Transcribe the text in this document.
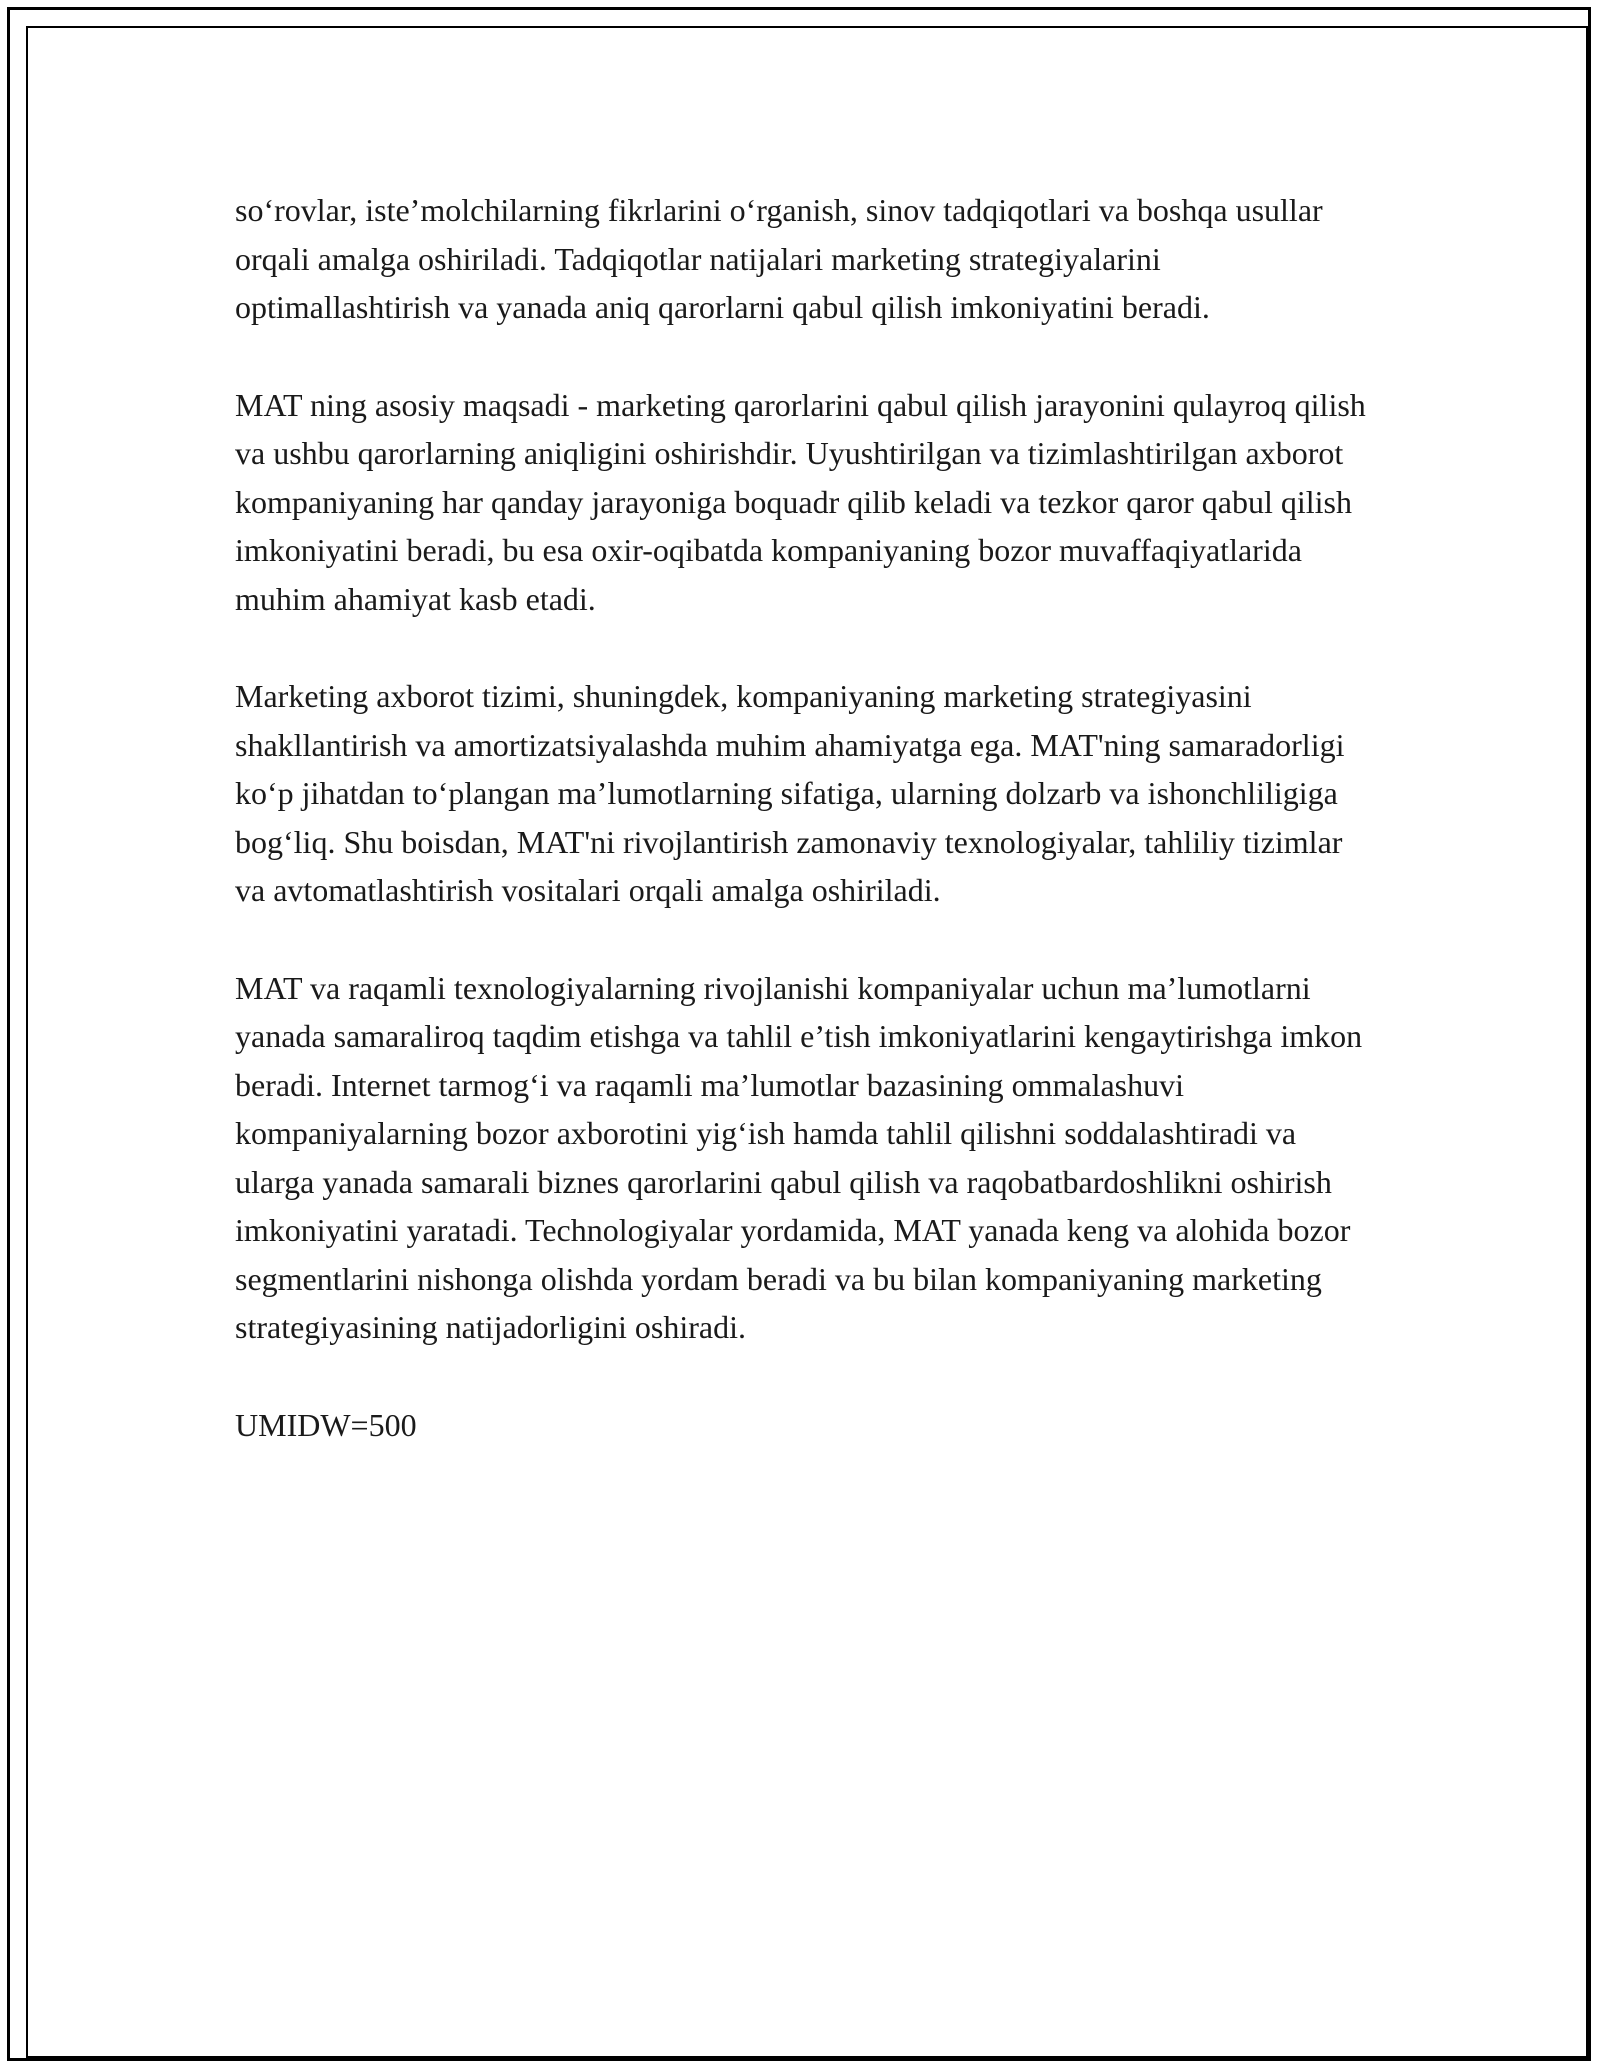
so‘rovlar, iste’molchilarning fikrlarini o‘rganish, sinov tadqiqotlari va boshqa usullar orqali amalga oshiriladi. Tadqiqotlar natijalari marketing strategiyalarini optimallashtirish va yanada aniq qarorlarni qabul qilish imkoniyatini beradi.

MAT ning asosiy maqsadi - marketing qarorlarini qabul qilish jarayonini qulayroq qilish va ushbu qarorlarning aniqligini oshirishdir. Uyushtirilgan va tizimlashtirilgan axborot kompaniyaning har qanday jarayoniga boquadr qilib keladi va tezkor qaror qabul qilish imkoniyatini beradi, bu esa oxir-oqibatda kompaniyaning bozor muvaffaqiyatlarida muhim ahamiyat kasb etadi.

Marketing axborot tizimi, shuningdek, kompaniyaning marketing strategiyasini shakllantirish va amortizatsiyalashda muhim ahamiyatga ega. MAT'ning samaradorligi ko‘p jihatdan to‘plangan ma’lumotlarning sifatiga, ularning dolzarb va ishonchliligiga bog‘liq. Shu boisdan, MAT'ni rivojlantirish zamonaviy texnologiyalar, tahliliy tizimlar va avtomatlashtirish vositalari orqali amalga oshiriladi.

MAT va raqamli texnologiyalarning rivojlanishi kompaniyalar uchun ma’lumotlarni yanada samaraliroq taqdim etishga va tahlil e’tish imkoniyatlarini kengaytirishga imkon beradi. Internet tarmog‘i va raqamli ma’lumotlar bazasining ommalashuvi kompaniyalarning bozor axborotini yig‘ish hamda tahlil qilishni soddalashtiradi va ularga yanada samarali biznes qarorlarini qabul qilish va raqobatbardoshlikni oshirish imkoniyatini yaratadi. Technologiyalar yordamida, MAT yanada keng va alohida bozor segmentlarini nishonga olishda yordam beradi va bu bilan kompaniyaning marketing strategiyasining natijadorligini oshiradi.

UMIDW=500
